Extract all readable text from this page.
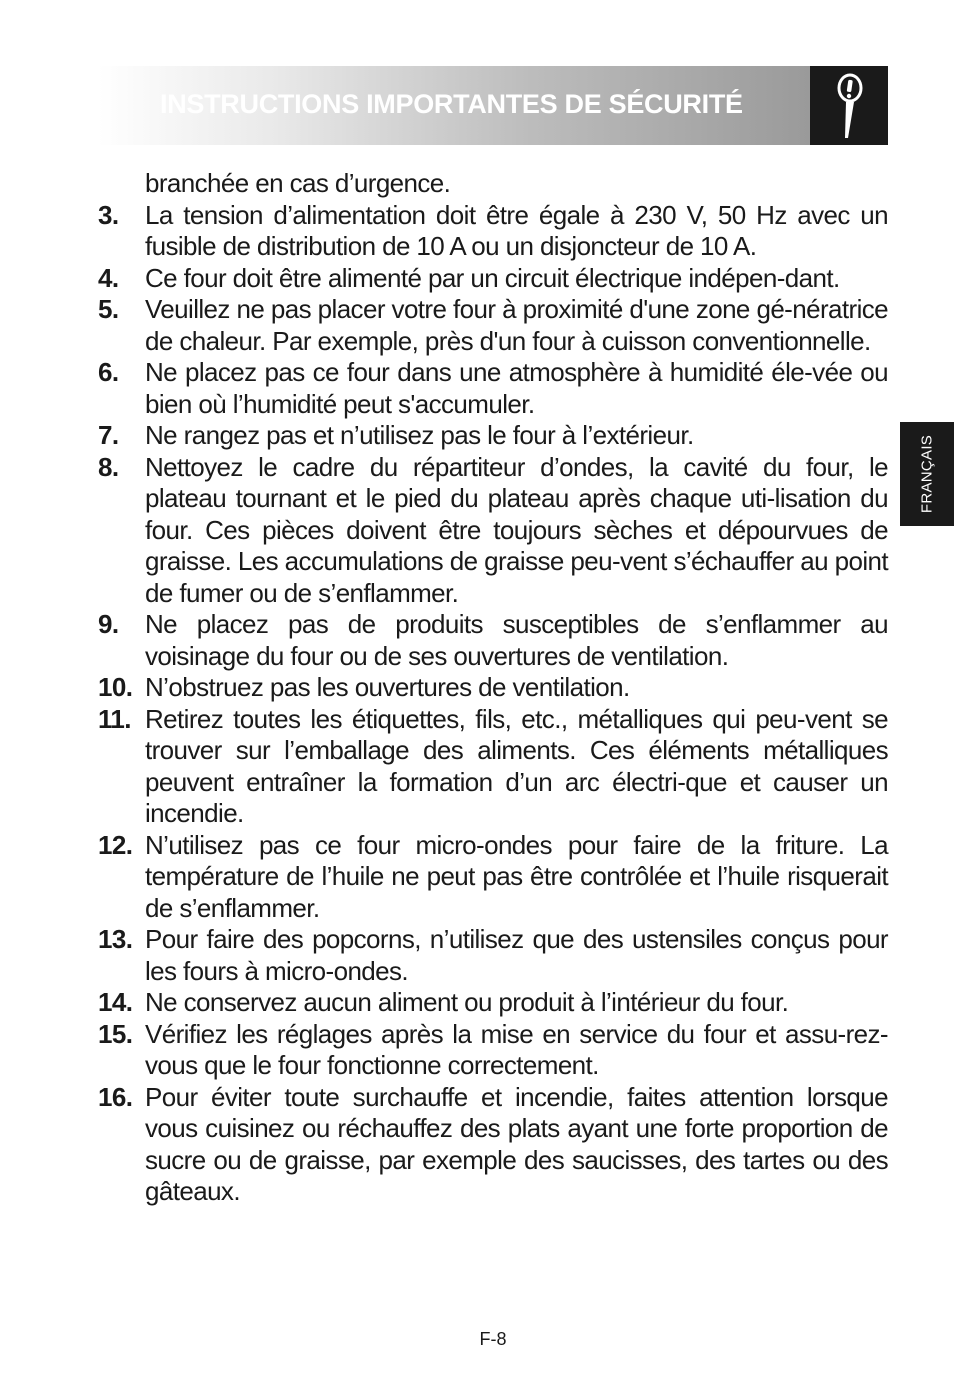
INSTRUCTIONS IMPORTANTES DE SÉCURITÉ
FRANÇAIS
branchée en cas d’urgence.
3.	La tension d’alimentation doit être égale à 230 V, 50 Hz avec un fusible de distribution de 10 A ou un disjoncteur de 10 A.
4.	Ce four doit être alimenté par un circuit électrique indépen-dant.
5.	Veuillez ne pas placer votre four à proximité d'une zone gé-nératrice de chaleur. Par exemple, près d'un four à cuisson conventionnelle.
6.	Ne placez pas ce four dans une atmosphère à humidité éle-vée ou bien où l’humidité peut s'accumuler.
7.	Ne rangez pas et n’utilisez pas le four à l’extérieur.
8.	Nettoyez le cadre du répartiteur d’ondes, la cavité du four, le plateau tournant et le pied du plateau après chaque uti-lisation du four. Ces pièces doivent être toujours sèches et dépourvues de graisse. Les accumulations de graisse peu-vent s’échauffer au point de fumer ou de s’enflammer.
9.	Ne placez pas de produits susceptibles de s’enflammer au voisinage du four ou de ses ouvertures de ventilation.
10. N’obstruez pas les ouvertures de ventilation.
11. Retirez toutes les étiquettes, fils, etc., métalliques qui peu-vent se trouver sur l’emballage des aliments. Ces éléments métalliques peuvent entraîner la formation d’un arc électri-que et causer un incendie.
12. N’utilisez pas ce four micro-ondes pour faire de la friture. La température de l’huile ne peut pas être contrôlée et l’huile risquerait de s’enflammer.
13. Pour faire des popcorns, n’utilisez que des ustensiles conçus pour les fours à micro-ondes.
14. Ne conservez aucun aliment ou produit à l’intérieur du four.
15. Vérifiez les réglages après la mise en service du four et assu-rez-vous que le four fonctionne correctement.
16. Pour éviter toute surchauffe et incendie, faites attention lorsque vous cuisinez ou réchauffez des plats ayant une forte proportion de sucre ou de graisse, par exemple des saucisses, des tartes ou des gâteaux.
F-8
